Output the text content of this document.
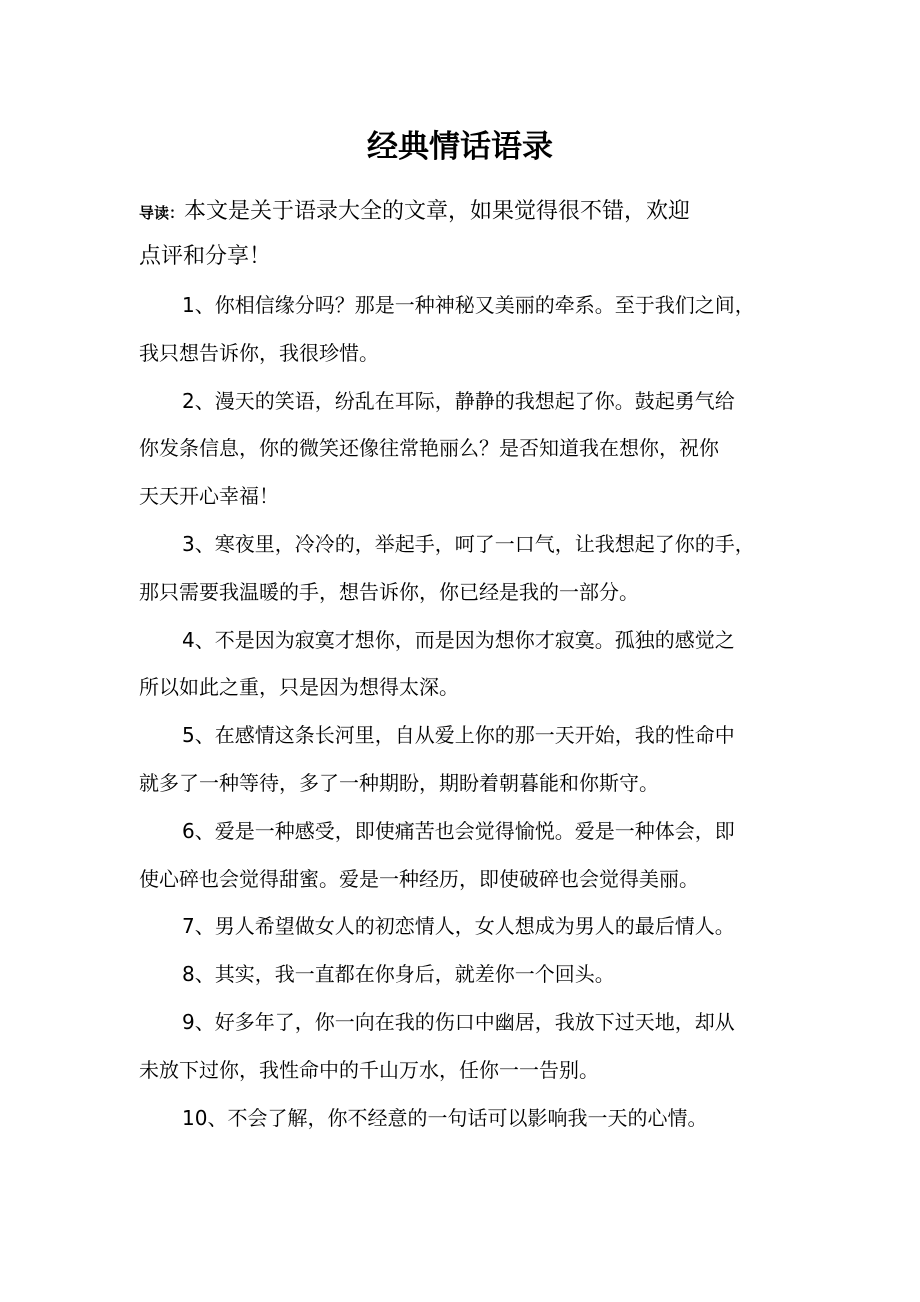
经典情话语录
导读：本文是关于语录大全的文章，如果觉得很不错，欢迎
点评和分享！

1、你相信缘分吗？那是一种神秘又美丽的牵系。至于我们之间，
我只想告诉你，我很珍惜。

2、漫天的笑语，纷乱在耳际，静静的我想起了你。鼓起勇气给
你发条信息，你的微笑还像往常艳丽么？是否知道我在想你，祝你
天天开心幸福！

3、寒夜里，冷冷的，举起手，呵了一口气，让我想起了你的手，
那只需要我温暖的手，想告诉你，你已经是我的一部分。

4、不是因为寂寞才想你，而是因为想你才寂寞。孤独的感觉之
所以如此之重，只是因为想得太深。

5、在感情这条长河里，自从爱上你的那一天开始，我的性命中
就多了一种等待，多了一种期盼，期盼着朝暮能和你斯守。

6、爱是一种感受，即使痛苦也会觉得愉悦。爱是一种体会，即
使心碎也会觉得甜蜜。爱是一种经历，即使破碎也会觉得美丽。

7、男人希望做女人的初恋情人，女人想成为男人的最后情人。

8、其实，我一直都在你身后，就差你一个回头。

9、好多年了，你一向在我的伤口中幽居，我放下过天地，却从
未放下过你，我性命中的千山万水，任你一一告别。

10、不会了解，你不经意的一句话可以影响我一天的心情。
